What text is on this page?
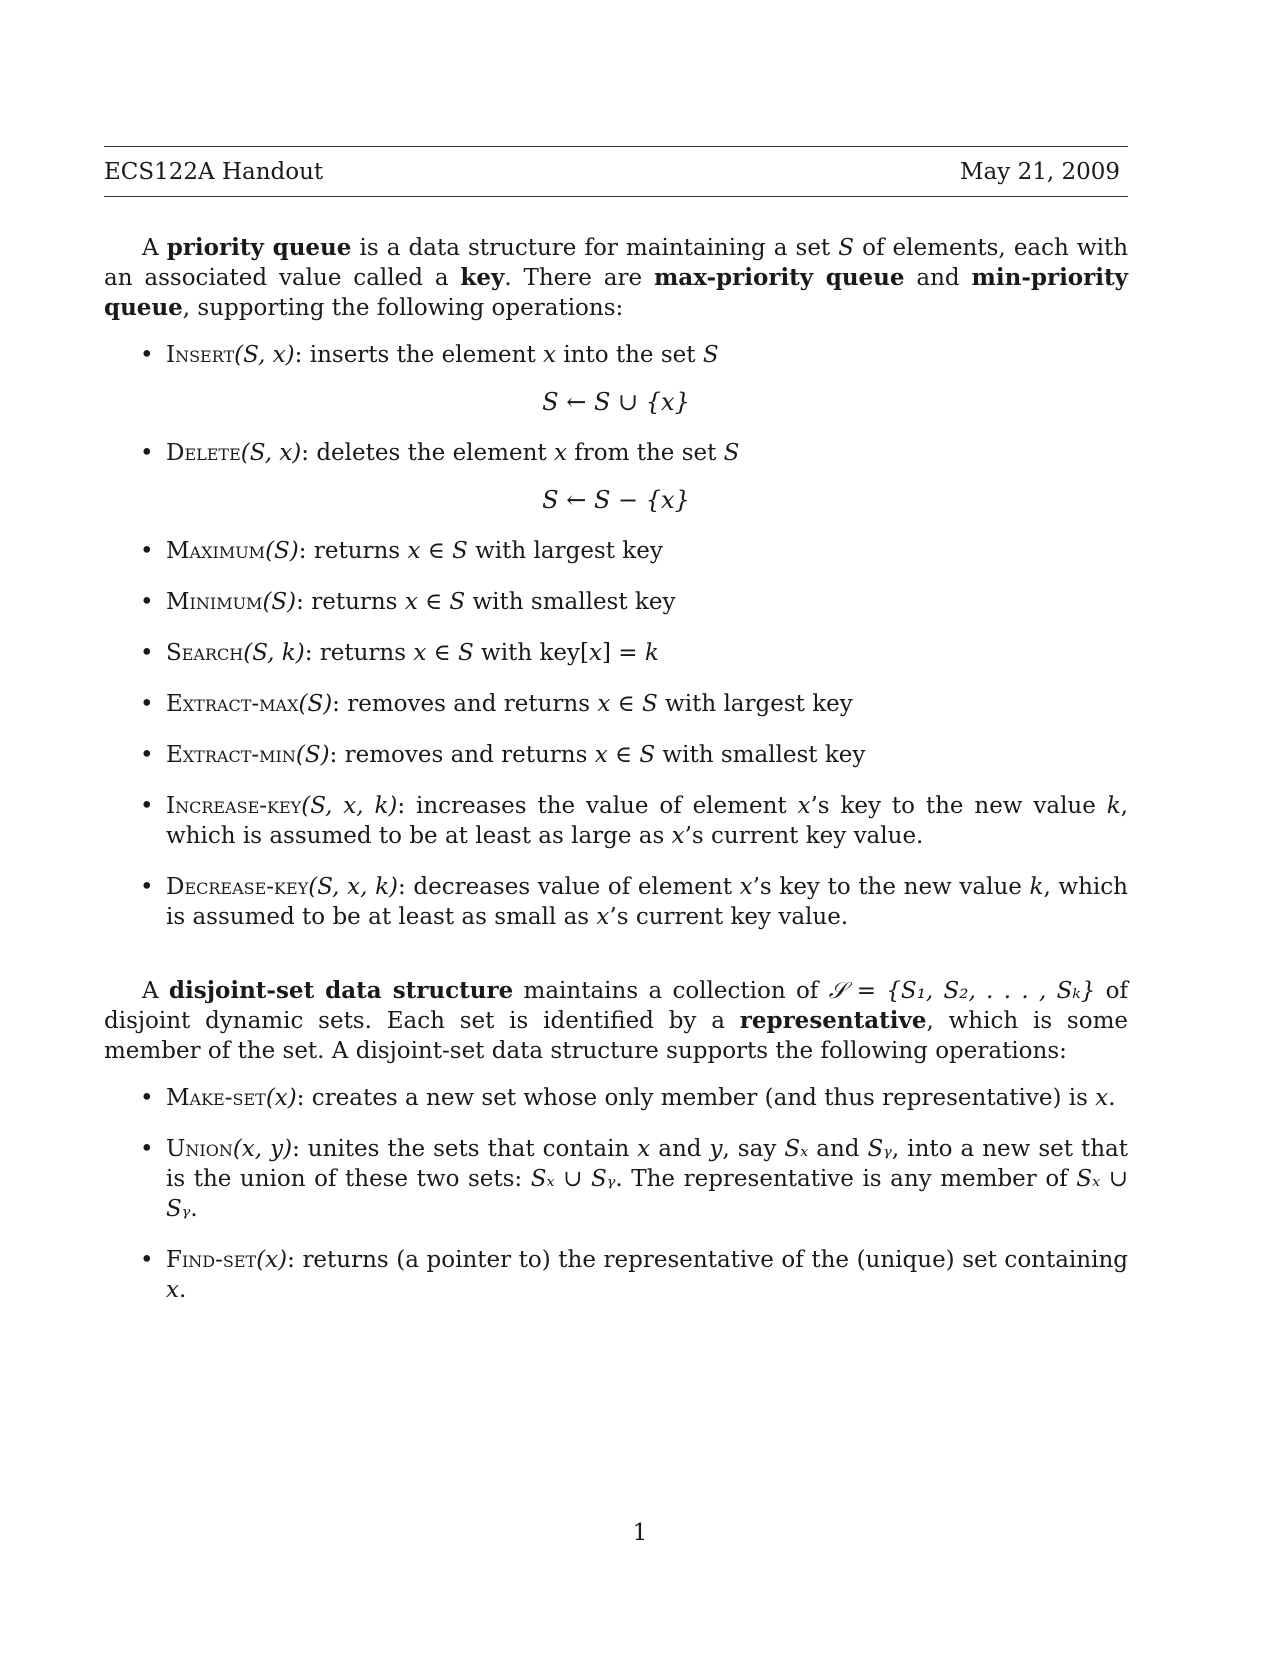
ECS122A Handout	May 21, 2009

A priority queue is a data structure for maintaining a set S of elements, each with an associated value called a key. There are max-priority queue and min-priority queue, supporting the following operations:

• Insert(S, x): inserts the element x into the set S
S ← S ∪ {x}
• Delete(S, x): deletes the element x from the set S
S ← S − {x}
• Maximum(S): returns x ∈ S with largest key
• Minimum(S): returns x ∈ S with smallest key
• Search(S, k): returns x ∈ S with key[x] = k
• Extract-max(S): removes and returns x ∈ S with largest key
• Extract-min(S): removes and returns x ∈ S with smallest key
• Increase-key(S, x, k): increases the value of element x’s key to the new value k, which is assumed to be at least as large as x’s current key value.
• Decrease-key(S, x, k): decreases value of element x’s key to the new value k, which is assumed to be at least as small as x’s current key value.

A disjoint-set data structure maintains a collection of 𝒮 = {S₁, S₂, . . . , Sₖ} of disjoint dynamic sets. Each set is identified by a representative, which is some member of the set. A disjoint-set data structure supports the following operations:

• Make-set(x): creates a new set whose only member (and thus representative) is x.
• Union(x, y): unites the sets that contain x and y, say Sₓ and Sᵧ, into a new set that is the union of these two sets: Sₓ ∪ Sᵧ. The representative is any member of Sₓ ∪ Sᵧ.
• Find-set(x): returns (a pointer to) the representative of the (unique) set containing x.
1
